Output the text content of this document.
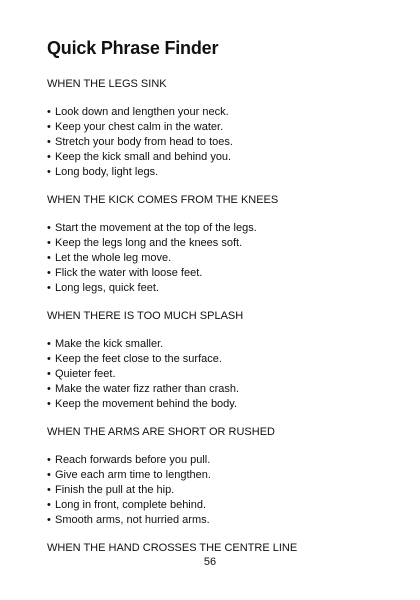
Quick Phrase Finder

WHEN THE LEGS SINK

• Look down and lengthen your neck.
• Keep your chest calm in the water.
• Stretch your body from head to toes.
• Keep the kick small and behind you.
• Long body, light legs.

WHEN THE KICK COMES FROM THE KNEES

• Start the movement at the top of the legs.
• Keep the legs long and the knees soft.
• Let the whole leg move.
• Flick the water with loose feet.
• Long legs, quick feet.

WHEN THERE IS TOO MUCH SPLASH

• Make the kick smaller.
• Keep the feet close to the surface.
• Quieter feet.
• Make the water fizz rather than crash.
• Keep the movement behind the body.

WHEN THE ARMS ARE SHORT OR RUSHED

• Reach forwards before you pull.
• Give each arm time to lengthen.
• Finish the pull at the hip.
• Long in front, complete behind.
• Smooth arms, not hurried arms.

WHEN THE HAND CROSSES THE CENTRE LINE

56
